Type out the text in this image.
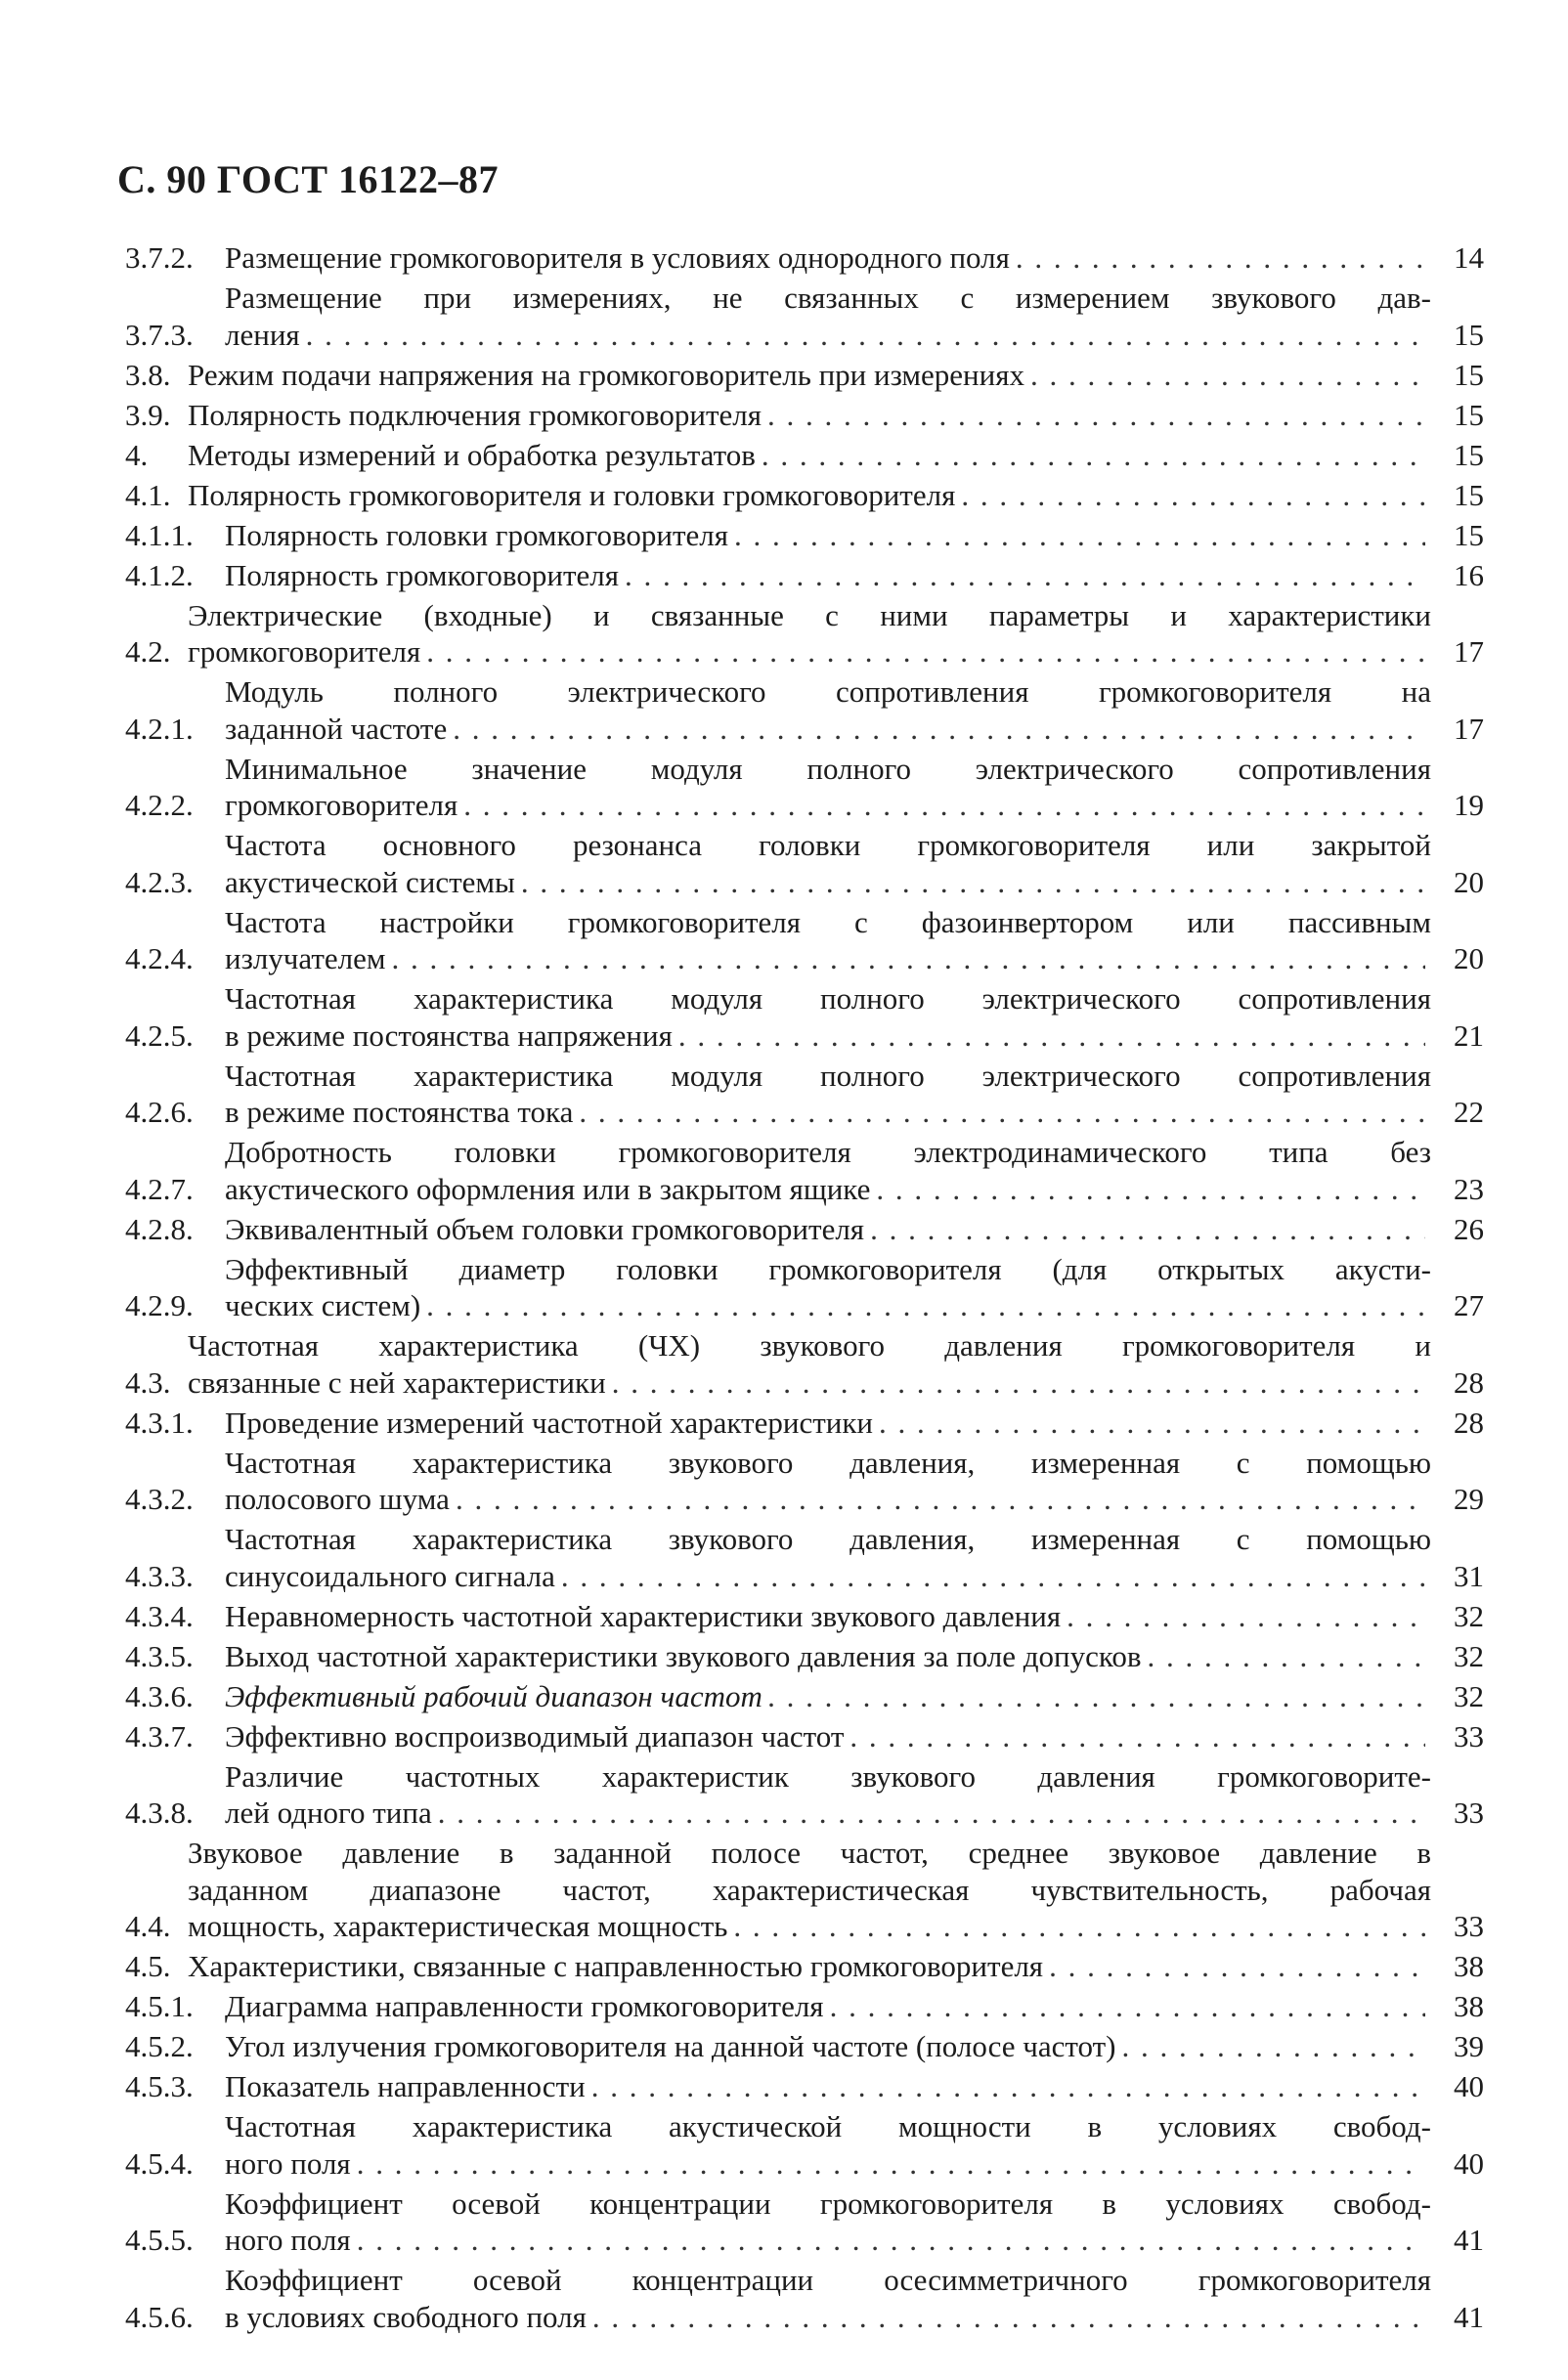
С. 90 ГОСТ 16122–87
3.7.2.	Размещение громкоговорителя в условиях однородного поля . . .	14
3.7.3.
Размещение при измерениях, не связанных с измерением звукового дав-
ления . . .	15
3.8. Режим подачи напряжения на громкоговоритель при измерениях . . .	15
3.9. Полярность подключения громкоговорителя . . .	15
4.	Методы измерений и обработка результатов . . .	15
4.1. Полярность громкоговорителя и головки громкоговорителя . . .	15
4.1.1.	Полярность головки громкоговорителя . . .	15
4.1.2.	Полярность громкоговорителя . . .	16
4.2.
Электрические (входные) и связанные с ними параметры и характеристики
громкоговорителя . . .	17
4.2.1.
Модуль полного электрического сопротивления громкоговорителя на
заданной частоте . . .	17
4.2.2.
Минимальное значение модуля полного электрического сопротивления
громкоговорителя . . .	19
4.2.3.
Частота основного резонанса головки громкоговорителя или закрытой
акустической системы . . .	20
4.2.4.
Частота настройки громкоговорителя с фазоинвертором или пассивным
излучателем . . .	20
4.2.5.
Частотная характеристика модуля полного электрического сопротивления
в режиме постоянства напряжения . . .	21
4.2.6.
Частотная характеристика модуля полного электрического сопротивления
в режиме постоянства тока . . .	22
4.2.7.
Добротность головки громкоговорителя электродинамического типа без
акустического оформления или в закрытом ящике . . .	23
4.2.8.	Эквивалентный объем головки громкоговорителя . . .	26
4.2.9.
Эффективный диаметр головки громкоговорителя (для открытых акусти-
ческих систем) . . .	27
4.3.
Частотная характеристика (ЧХ) звукового давления громкоговорителя и
связанные с ней характеристики . . .	28
4.3.1.	Проведение измерений частотной характеристики . . .	28
4.3.2.
Частотная характеристика звукового давления, измеренная с помощью
полосового шума . . .	29
4.3.3.
Частотная характеристика звукового давления, измеренная с помощью
синусоидального сигнала . . .	31
4.3.4.	Неравномерность частотной характеристики звукового давления . . .	32
4.3.5.	Выход частотной характеристики звукового давления за поле допусков . . .	32
4.3.6.	Эффективный рабочий диапазон частот . . .	32
4.3.7.	Эффективно воспроизводимый диапазон частот . . .	33
4.3.8.
Различие частотных характеристик звукового давления громкоговорите-
лей одного типа . . .	33
4.4.
Звуковое давление в заданной полосе частот, среднее звуковое давление в
заданном диапазоне частот, характеристическая чувствительность, рабочая
мощность, характеристическая мощность . . .	33
4.5. Характеристики, связанные с направленностью громкоговорителя . . .	38
4.5.1.	Диаграмма направленности громкоговорителя . . .	38
4.5.2.	Угол излучения громкоговорителя на данной частоте (полосе частот) . . .	39
4.5.3.	Показатель направленности . . .	40
4.5.4.
Частотная характеристика акустической мощности в условиях свобод-
ного поля . . .	40
4.5.5.
Коэффициент осевой концентрации громкоговорителя в условиях свобод-
ного поля . . .	41
4.5.6.
Коэффициент осевой концентрации осесимметричного громкоговорителя
в условиях свободного поля . . .	41
